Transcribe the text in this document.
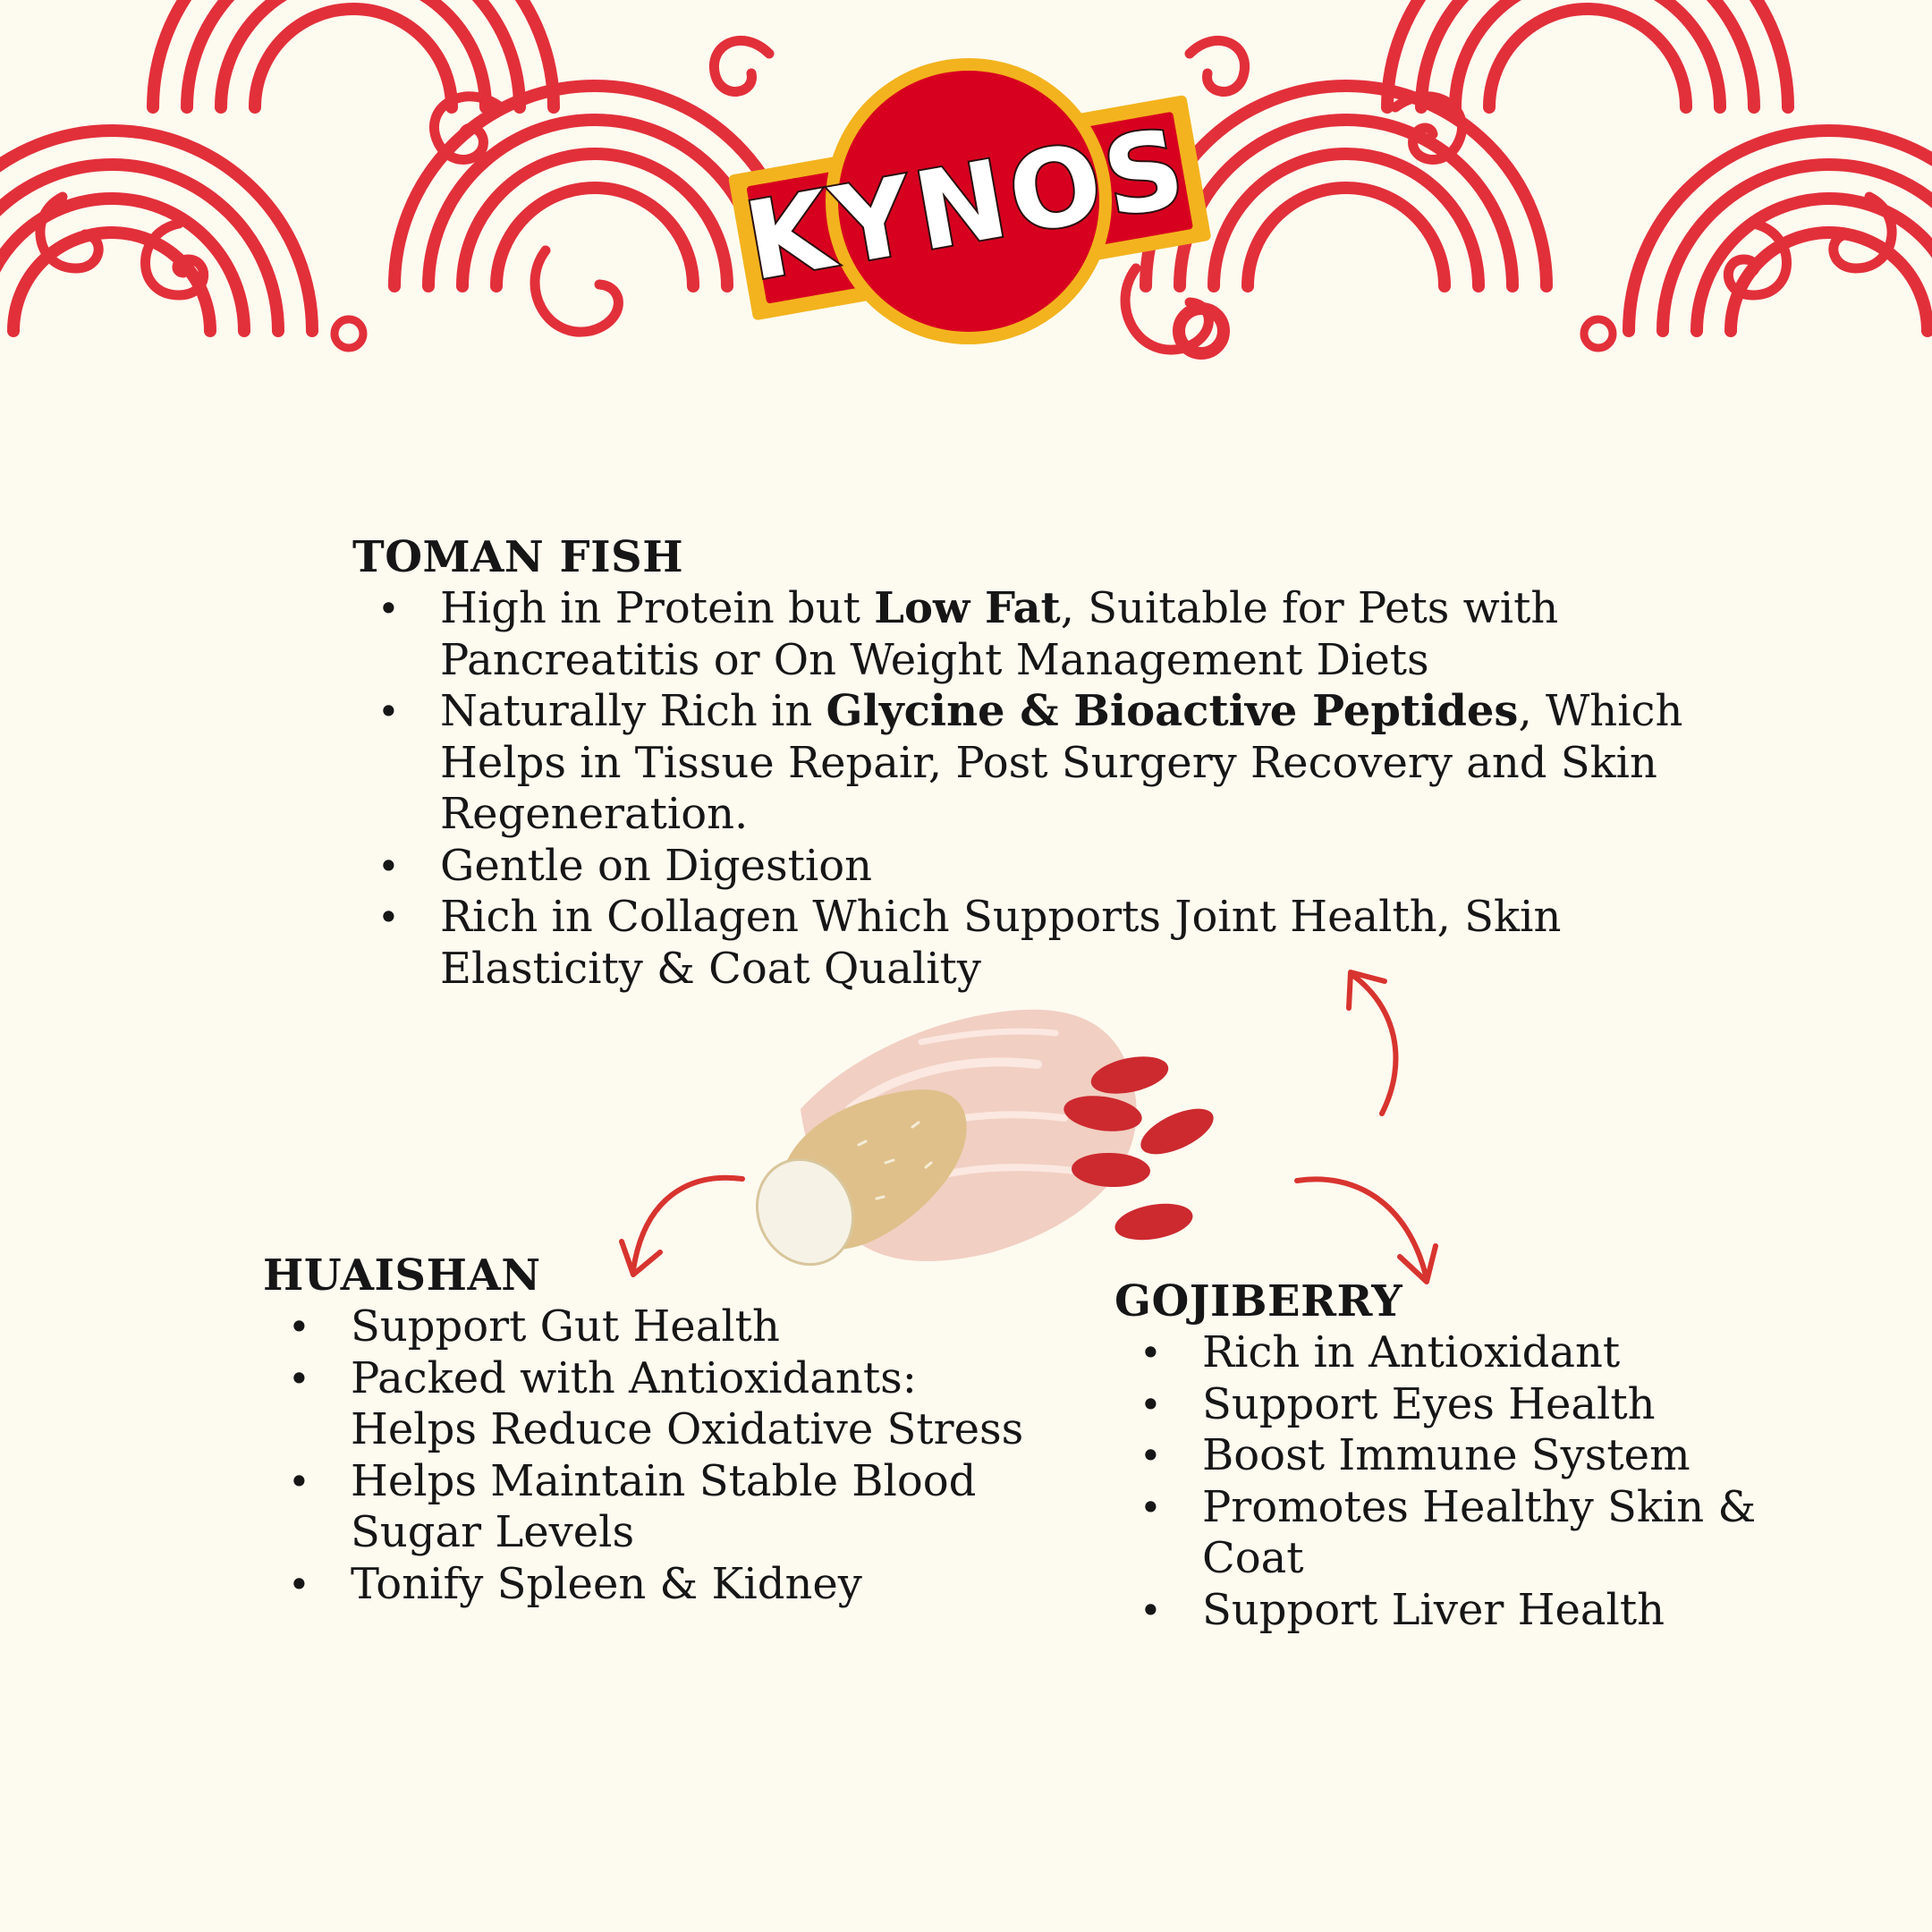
KYNOS
TOMAN FISH
• High in Protein but Low Fat, Suitable for Pets with Pancreatitis or On Weight Management Diets
• Naturally Rich in Glycine & Bioactive Peptides, Which Helps in Tissue Repair, Post Surgery Recovery and Skin Regeneration.
• Gentle on Digestion
• Rich in Collagen Which Supports Joint Health, Skin Elasticity & Coat Quality
HUAISHAN
• Support Gut Health
• Packed with Antioxidants: Helps Reduce Oxidative Stress
• Helps Maintain Stable Blood Sugar Levels
• Tonify Spleen & Kidney
GOJIBERRY
• Rich in Antioxidant
• Support Eyes Health
• Boost Immune System
• Promotes Healthy Skin & Coat
• Support Liver Health
